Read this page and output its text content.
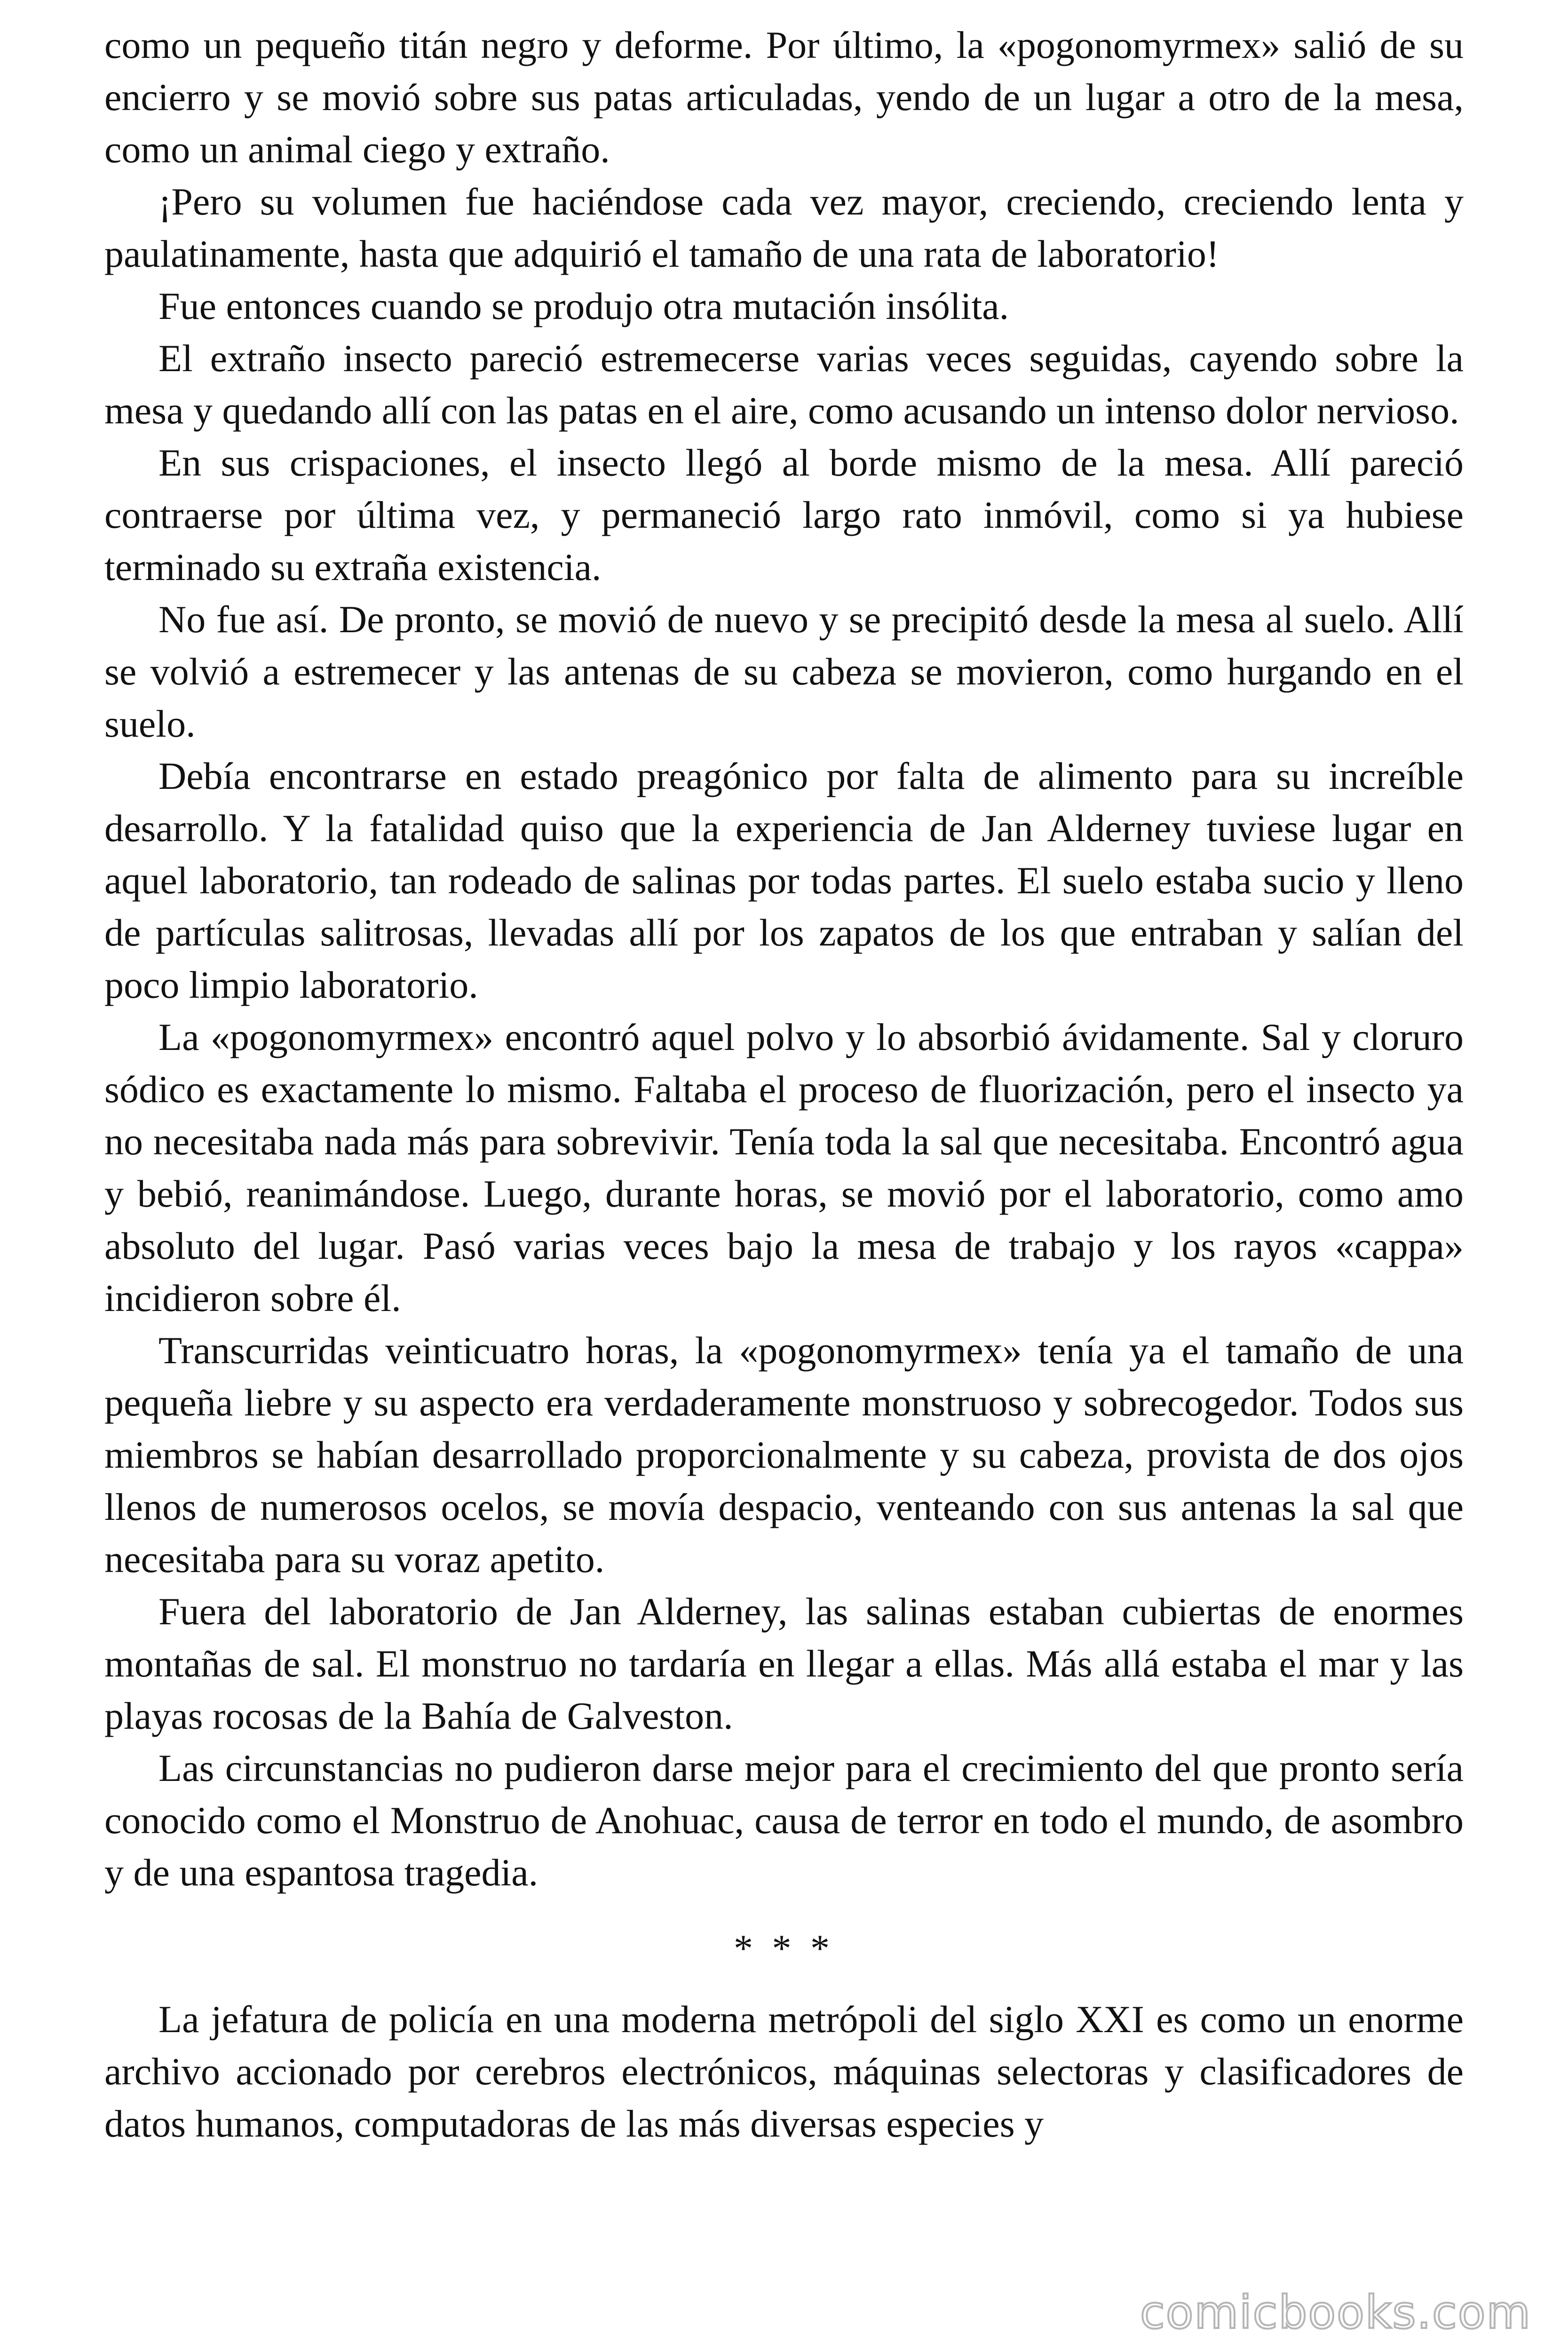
como un pequeño titán negro y deforme. Por último, la «pogonomyrmex» salió de su encierro y se movió sobre sus patas articuladas, yendo de un lugar a otro de la mesa, como un animal ciego y extraño.

¡Pero su volumen fue haciéndose cada vez mayor, creciendo, creciendo lenta y paulatinamente, hasta que adquirió el tamaño de una rata de laboratorio!

Fue entonces cuando se produjo otra mutación insólita.

El extraño insecto pareció estremecerse varias veces seguidas, cayendo sobre la mesa y quedando allí con las patas en el aire, como acusando un intenso dolor nervioso.

En sus crispaciones, el insecto llegó al borde mismo de la mesa. Allí pareció contraerse por última vez, y permaneció largo rato inmóvil, como si ya hubiese terminado su extraña existencia.

No fue así. De pronto, se movió de nuevo y se precipitó desde la mesa al suelo. Allí se volvió a estremecer y las antenas de su cabeza se movieron, como hurgando en el suelo.

Debía encontrarse en estado preagónico por falta de alimento para su increíble desarrollo. Y la fatalidad quiso que la experiencia de Jan Alderney tuviese lugar en aquel laboratorio, tan rodeado de salinas por todas partes. El suelo estaba sucio y lleno de partículas salitrosas, llevadas allí por los zapatos de los que entraban y salían del poco limpio laboratorio.

La «pogonomyrmex» encontró aquel polvo y lo absorbió ávidamente. Sal y cloruro sódico es exactamente lo mismo. Faltaba el proceso de fluorización, pero el insecto ya no necesitaba nada más para sobrevivir. Tenía toda la sal que necesitaba. Encontró agua y bebió, reanimándose. Luego, durante horas, se movió por el laboratorio, como amo absoluto del lugar. Pasó varias veces bajo la mesa de trabajo y los rayos «cappa» incidieron sobre él.

Transcurridas veinticuatro horas, la «pogonomyrmex» tenía ya el tamaño de una pequeña liebre y su aspecto era verdaderamente monstruoso y sobrecogedor. Todos sus miembros se habían desarrollado proporcionalmente y su cabeza, provista de dos ojos llenos de numerosos ocelos, se movía despacio, venteando con sus antenas la sal que necesitaba para su voraz apetito.

Fuera del laboratorio de Jan Alderney, las salinas estaban cubiertas de enormes montañas de sal. El monstruo no tardaría en llegar a ellas. Más allá estaba el mar y las playas rocosas de la Bahía de Galveston.

Las circunstancias no pudieron darse mejor para el crecimiento del que pronto sería conocido como el Monstruo de Anohuac, causa de terror en todo el mundo, de asombro y de una espantosa tragedia.

* * *

La jefatura de policía en una moderna metrópoli del siglo XXI es como un enorme archivo accionado por cerebros electrónicos, máquinas selectoras y clasificadores de datos humanos, computadoras de las más diversas especies y

comicbooks.com
